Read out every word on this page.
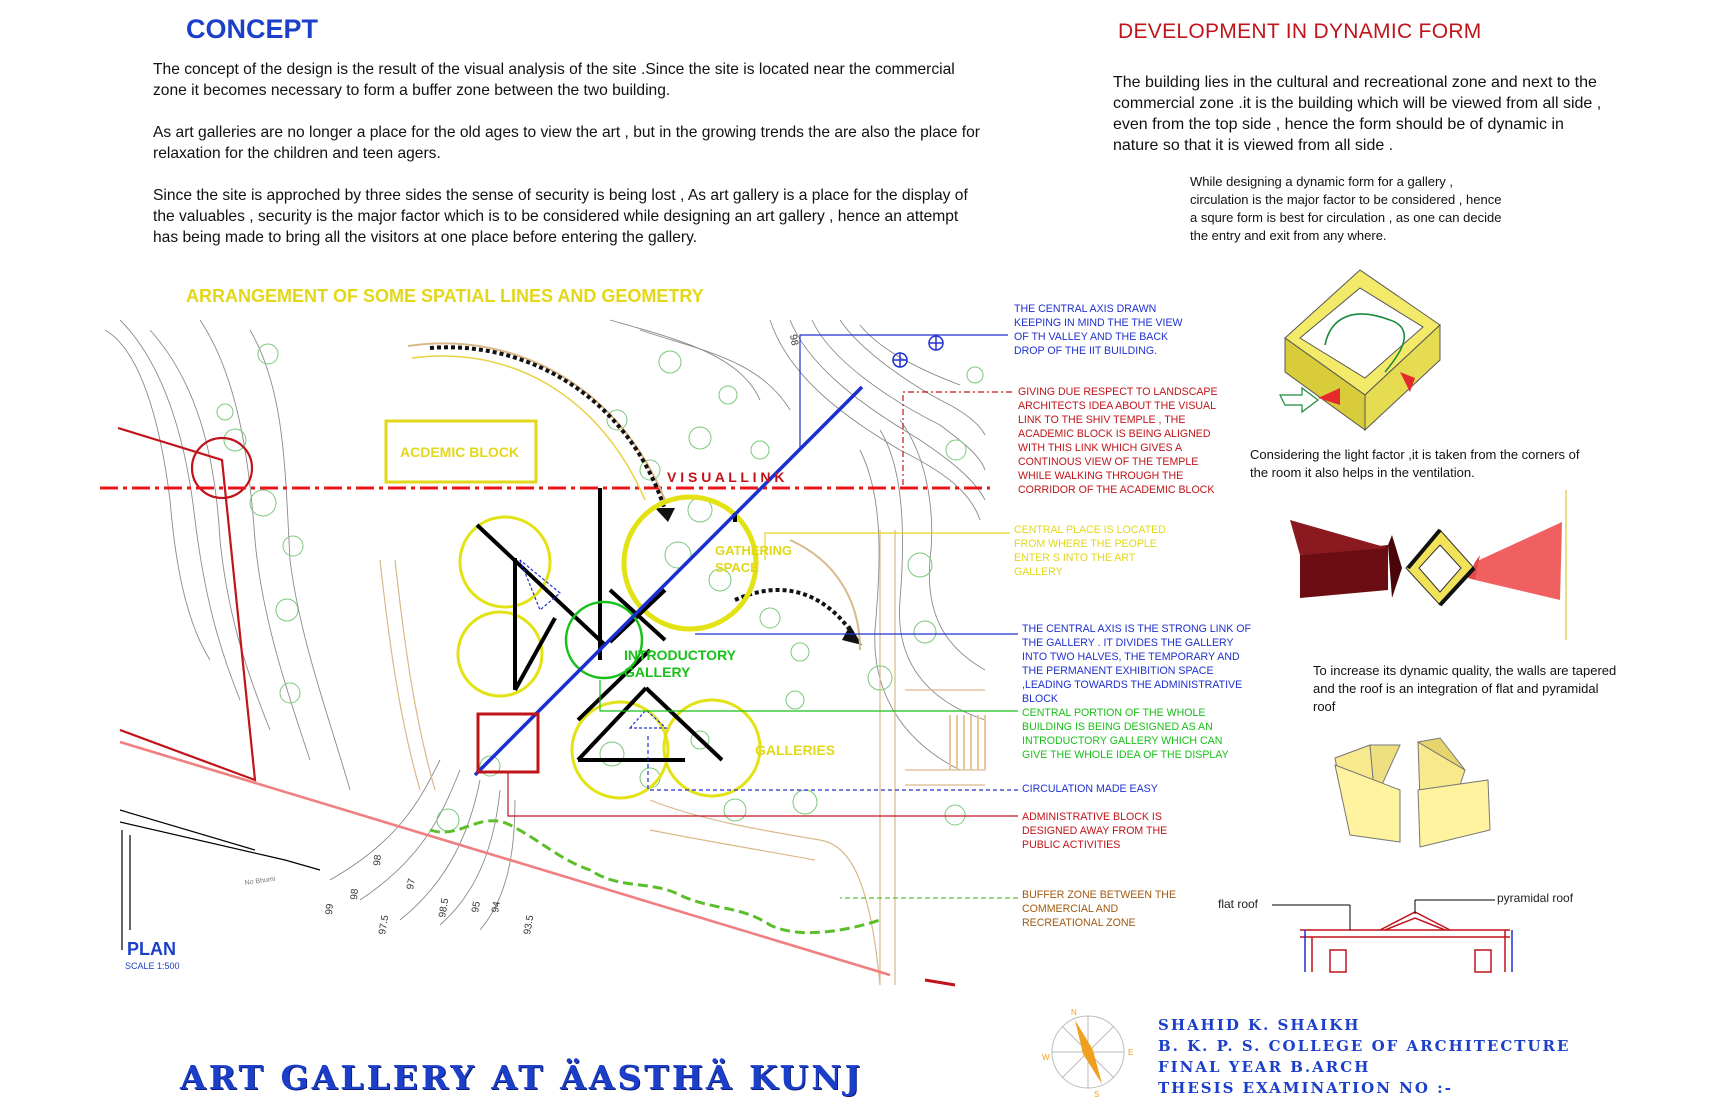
CONCEPT
The concept of the design is the result of the visual analysis of the site .Since the site is located near the commercial zone it becomes necessary to form a buffer zone between the two building.
As art galleries are no longer a place for the old ages to view the art , but in the growing trends the are also the place for relaxation for the children and teen agers.
Since the site is approched by three sides the sense of security is being lost , As art gallery is a place for the display of the valuables , security is the major factor which is to be considered while designing an art gallery , hence an attempt has being made to bring all the visitors at one place before entering the gallery.
DEVELOPMENT IN DYNAMIC FORM
The building lies in the cultural and recreational zone and next to the commercial zone .it is the building which will be viewed from all side , even from the top side , hence the form should be of dynamic in nature so that it is viewed from all side .
While designing a dynamic form for a gallery , circulation is the major factor to be considered , hence a squre form is best for circulation , as one can decide the entry and exit from any where.
Considering the light factor ,it is taken from the corners of the room it also helps in the ventilation.
To increase its dynamic quality, the walls are tapered and the roof is an integration of flat and pyramidal roof
ARRANGEMENT OF SOME SPATIAL LINES AND GEOMETRY
THE CENTRAL AXIS DRAWN KEEPING IN MIND THE THE VIEW OF TH VALLEY AND THE BACK DROP OF THE IIT BUILDING.
GIVING DUE RESPECT TO LANDSCAPE ARCHITECTS IDEA ABOUT THE VISUAL LINK TO THE SHIV TEMPLE , THE ACADEMIC BLOCK IS BEING ALIGNED WITH THIS LINK WHICH GIVES A CONTINOUS VIEW OF THE TEMPLE WHILE WALKING THROUGH THE CORRIDOR OF THE ACADEMIC BLOCK
CENTRAL PLACE IS LOCATED FROM WHERE THE PEOPLE ENTER S INTO THE ART GALLERY
THE CENTRAL AXIS IS THE STRONG LINK OF THE GALLERY . IT DIVIDES THE GALLERY INTO TWO HALVES, THE TEMPORARY AND THE PERMANENT EXHIBITION SPACE ,LEADING TOWARDS THE ADMINISTRATIVE BLOCK
CENTRAL PORTION OF THE WHOLE BUILDING IS BEING DESIGNED AS AN INTRODUCTORY GALLERY WHICH CAN GIVE THE WHOLE IDEA OF THE DISPLAY
CIRCULATION MADE EASY
ADMINISTRATIVE BLOCK IS DESIGNED AWAY FROM THE PUBLIC ACTIVITIES
BUFFER ZONE BETWEEN THE COMMERCIAL AND RECREATIONAL ZONE
PLAN
SCALE 1:500
99
98
98
97.5
97
98.5 95 94
93.5
98
No Bhumi
ACDEMIC BLOCK
V I S U A L L I N K
GATHERING
SPACE
INTRODUCTORY
GALLERY
GALLERIES
flat roof	pyramidal roof
N
E
S
W
ART GALLERY AT ÄASTHÄ KUNJ
SHAHID K. SHAIKH
B. K. P. S. COLLEGE OF ARCHITECTURE
FINAL YEAR B.ARCH
THESIS EXAMINATION NO :-
